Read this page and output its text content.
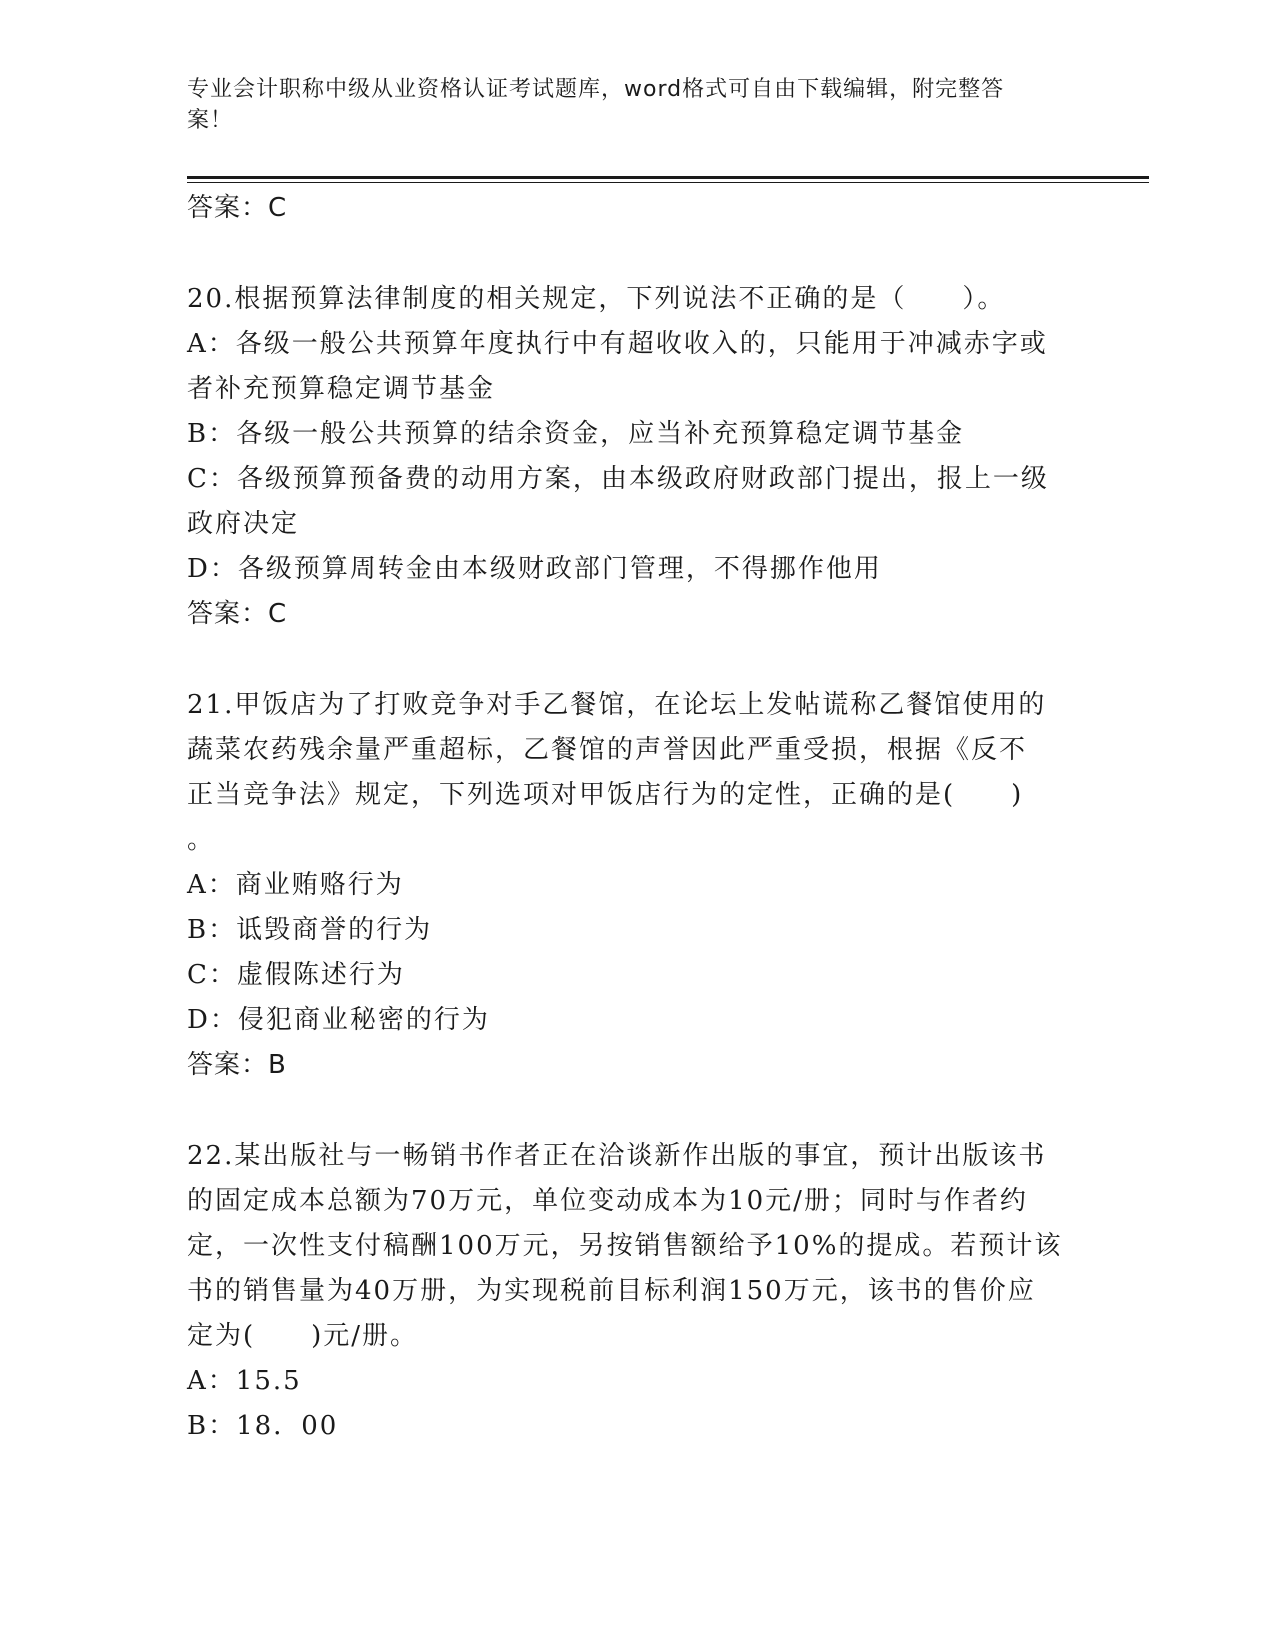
专业会计职称中级从业资格认证考试题库，word格式可自由下载编辑，附完整答
案！
答案：C
20.根据预算法律制度的相关规定，下列说法不正确的是（　　）。
A：各级一般公共预算年度执行中有超收收入的，只能用于冲减赤字或
者补充预算稳定调节基金
B：各级一般公共预算的结余资金，应当补充预算稳定调节基金
C：各级预算预备费的动用方案，由本级政府财政部门提出，报上一级
政府决定
D：各级预算周转金由本级财政部门管理，不得挪作他用
答案：C
21.甲饭店为了打败竞争对手乙餐馆，在论坛上发帖谎称乙餐馆使用的
蔬菜农药残余量严重超标，乙餐馆的声誉因此严重受损，根据《反不
正当竞争法》规定，下列选项对甲饭店行为的定性，正确的是(　　)
。
A：商业贿赂行为
B：诋毁商誉的行为
C：虚假陈述行为
D：侵犯商业秘密的行为
答案：B
22.某出版社与一畅销书作者正在洽谈新作出版的事宜，预计出版该书
的固定成本总额为70万元，单位变动成本为10元/册；同时与作者约
定，一次性支付稿酬100万元，另按销售额给予10%的提成。若预计该
书的销售量为40万册，为实现税前目标利润150万元，该书的售价应
定为(　　)元/册。
A：15.5
B：18．00
